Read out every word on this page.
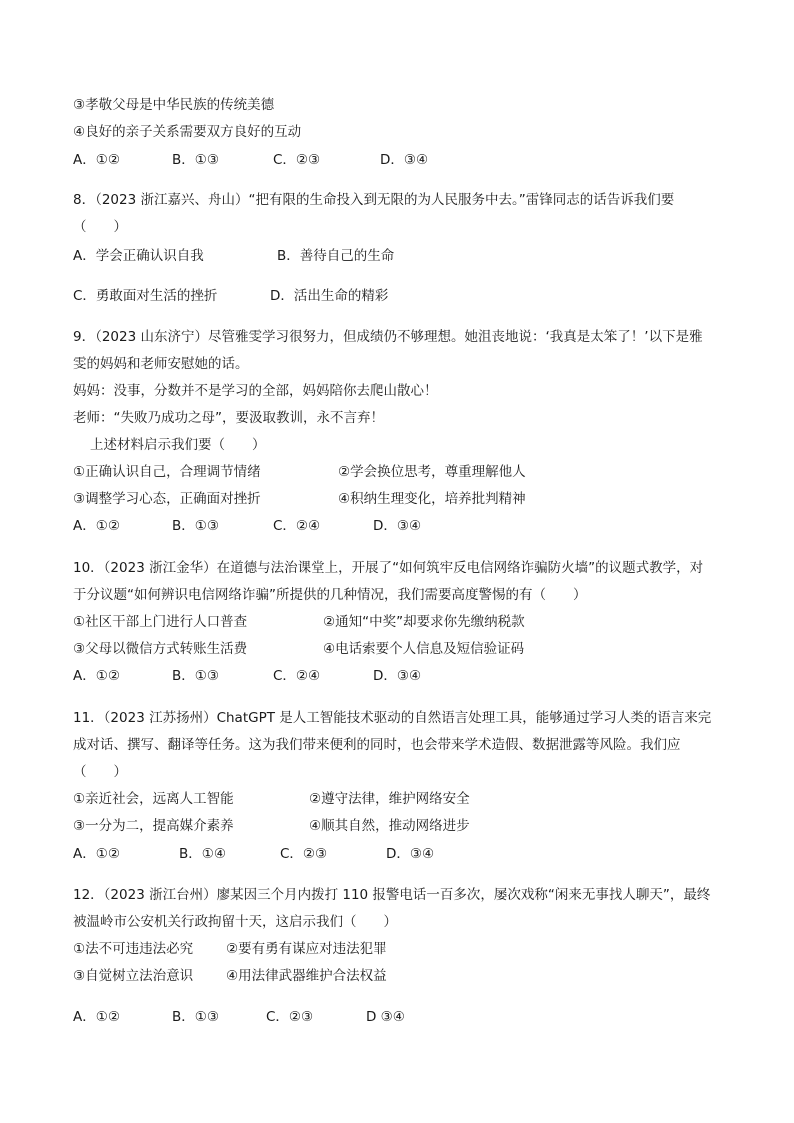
③孝敬父母是中华民族的传统美德
④良好的亲子关系需要双方良好的互动
A．①②	B．①③	C．②③	D．③④
8．（2023 浙江嘉兴、舟山）“把有限的生命投入到无限的为人民服务中去。”雷锋同志的话告诉我们要
（　　）
A．学会正确认识自我	B．善待自己的生命
C．勇敢面对生活的挫折	D．活出生命的精彩
9．（2023 山东济宁）尽管雅雯学习很努力，但成绩仍不够理想。她沮丧地说：‘我真是太笨了！’以下是雅
雯的妈妈和老师安慰她的话。
妈妈：没事，分数并不是学习的全部，妈妈陪你去爬山散心！
老师：“失败乃成功之母”，要汲取教训，永不言弃！
上述材料启示我们要（　　）
①正确认识自己，合理调节情绪	②学会换位思考，尊重理解他人
③调整学习心态，正确面对挫折	④积纳生理变化，培养批判精神
A．①②	B．①③	C．②④	D．③④
10．（2023 浙江金华）在道德与法治课堂上，开展了“如何筑牢反电信网络诈骗防火墙”的议题式教学，对
于分议题“如何辨识电信网络诈骗”所提供的几种情况，我们需要高度警惕的有（　　）
①社区干部上门进行人口普查	②通知“中奖”却要求你先缴纳税款
③父母以微信方式转账生活费	④电话索要个人信息及短信验证码
A．①②	B．①③	C．②④	D．③④
11．（2023 江苏扬州）ChatGPT 是人工智能技术驱动的自然语言处理工具，能够通过学习人类的语言来完
成对话、撰写、翻译等任务。这为我们带来便利的同时，也会带来学术造假、数据泄露等风险。我们应
（　　）
①亲近社会，远离人工智能	②遵守法律，维护网络安全
③一分为二，提高媒介素养	④顺其自然，推动网络进步
A．①②	B．①④	C．②③	D．③④
12．（2023 浙江台州）廖某因三个月内拨打 110 报警电话一百多次，屡次戏称“闲来无事找人聊天”，最终
被温岭市公安机关行政拘留十天，这启示我们（　　）
①法不可违违法必究 ②要有勇有谋应对违法犯罪
③自觉树立法治意识 ④用法律武器维护合法权益
A．①②	B．①③	C．②③	D ③④
